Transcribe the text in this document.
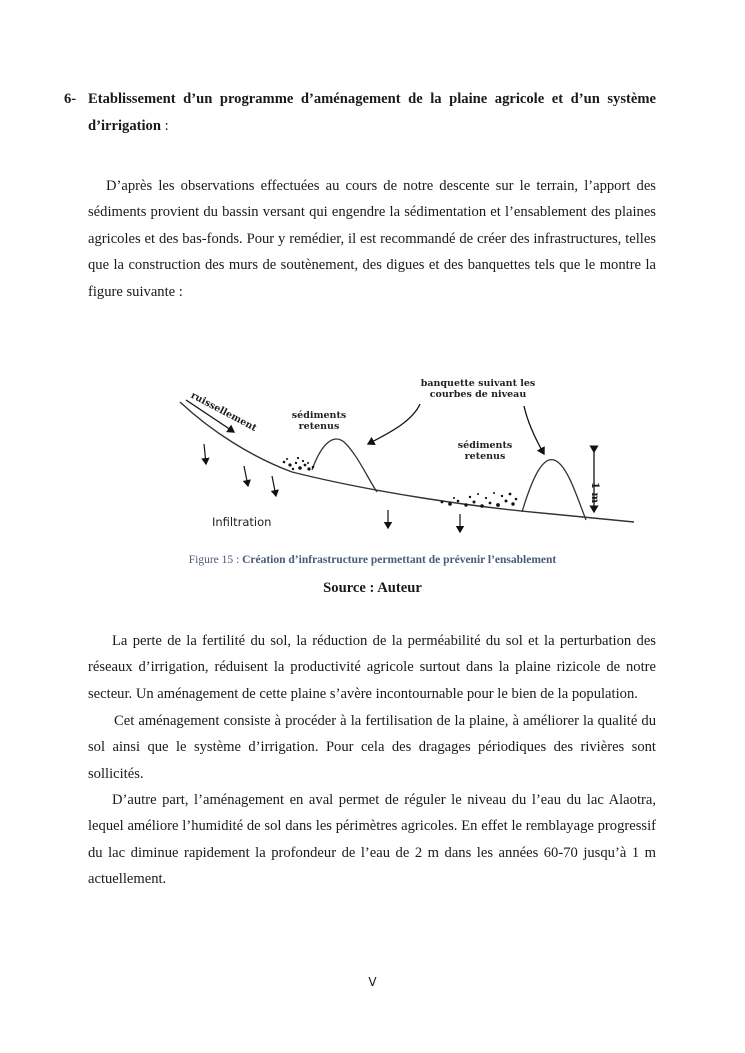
6- Etablissement d’un programme d’aménagement de la plaine agricole et d’un système d’irrigation :

D’après les observations effectuées au cours de notre descente sur le terrain, l’apport des sédiments provient du bassin versant qui engendre la sédimentation et l’ensablement des plaines agricoles et des bas-fonds. Pour y remédier, il est recommandé de créer des infrastructures, telles que la construction des murs de soutènement, des digues et des banquettes tels que le montre la figure suivante :

ruissellement	sédiments
retenus
banquette suivant les
courbes de niveau
sédiments
retenus
1 m
Infiltration
Figure 15 : Création d’infrastructure permettant de prévenir l’ensablement
Source : Auteur

La perte de la fertilité du sol, la réduction de la perméabilité du sol et la perturbation des réseaux d’irrigation, réduisent la productivité agricole surtout dans la plaine rizicole de notre secteur. Un aménagement de cette plaine s’avère incontournable pour le bien de la population.

Cet aménagement consiste à procéder à la fertilisation de la plaine, à améliorer la qualité du sol ainsi que le système d’irrigation. Pour cela des dragages périodiques des rivières sont sollicités.

D’autre part, l’aménagement en aval permet de réguler le niveau du l’eau du lac Alaotra, lequel améliore l’humidité de sol dans les périmètres agricoles. En effet le remblayage progressif du lac diminue rapidement la profondeur de l’eau de 2 m dans les années 60-70 jusqu’à 1 m actuellement.

V
